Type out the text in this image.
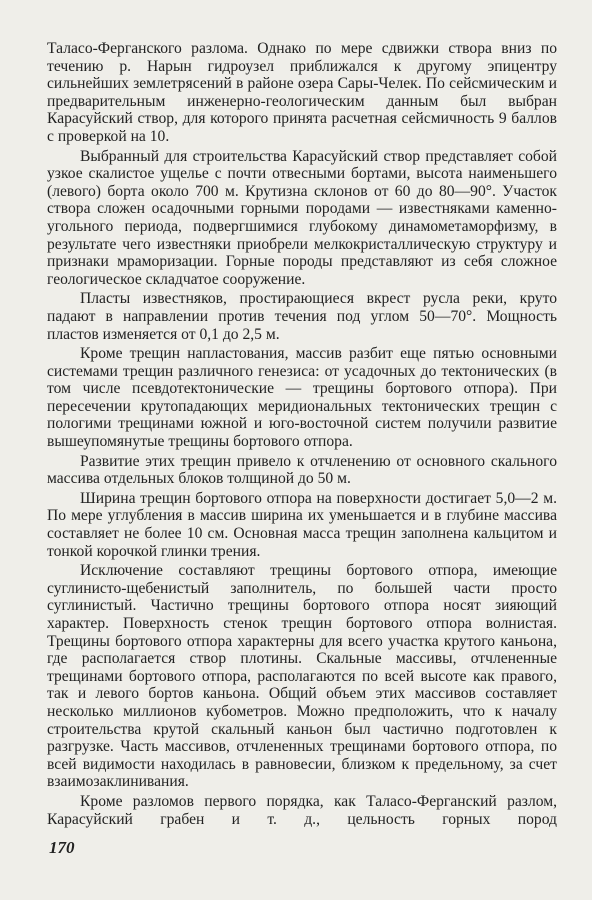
Таласо-Ферганского разлома. Однако по мере сдвижки створа вниз по течению р. Нарын гидроузел приближался к другому эпицентру сильнейших землетрясений в районе озера Сары-Челек. По сейсмическим и предварительным инженерно-геологическим данным был выбран Карасуйский створ, для которого принята расчетная сейсмичность 9 баллов с проверкой на 10.

Выбранный для строительства Карасуйский створ представляет собой узкое скалистое ущелье с почти отвесными бортами, высота наименьшего (левого) борта около 700 м. Крутизна склонов от 60 до 80—90°. Участок створа сложен осадочными горными породами — известняками каменно-угольного периода, подвергшимися глубокому динамометаморфизму, в результате чего известняки приобрели мелкокристаллическую структуру и признаки мраморизации. Горные породы представляют из себя сложное геологическое складчатое сооружение.

Пласты известняков, простирающиеся вкрест русла реки, круто падают в направлении против течения под углом 50—70°. Мощность пластов изменяется от 0,1 до 2,5 м.

Кроме трещин напластования, массив разбит еще пятью основными системами трещин различного генезиса: от усадочных до тектонических (в том числе псевдотектонические — трещины бортового отпора). При пересечении крутопадающих меридиональных тектонических трещин с пологими трещинами южной и юго-восточной систем получили развитие вышеупомянутые трещины бортового отпора.

Развитие этих трещин привело к отчленению от основного скального массива отдельных блоков толщиной до 50 м.

Ширина трещин бортового отпора на поверхности достигает 5,0—2 м. По мере углубления в массив ширина их уменьшается и в глубине массива составляет не более 10 см. Основная масса трещин заполнена кальцитом и тонкой корочкой глинки трения.

Исключение составляют трещины бортового отпора, имеющие суглинисто-щебенистый заполнитель, по большей части просто суглинистый. Частично трещины бортового отпора носят зияющий характер. Поверхность стенок трещин бортового отпора волнистая. Трещины бортового отпора характерны для всего участка крутого каньона, где располагается створ плотины. Скальные массивы, отчлененные трещинами бортового отпора, располагаются по всей высоте как правого, так и левого бортов каньона. Общий объем этих массивов составляет несколько миллионов кубометров. Можно предположить, что к началу строительства крутой скальный каньон был частично подготовлен к разгрузке. Часть массивов, отчлененных трещинами бортового отпора, по всей видимости находилась в равновесии, близком к предельному, за счет взаимозаклинивания.

Кроме разломов первого порядка, как Таласо-Ферганский разлом, Карасуйский грабен и т. д., цельность горных пород

170
